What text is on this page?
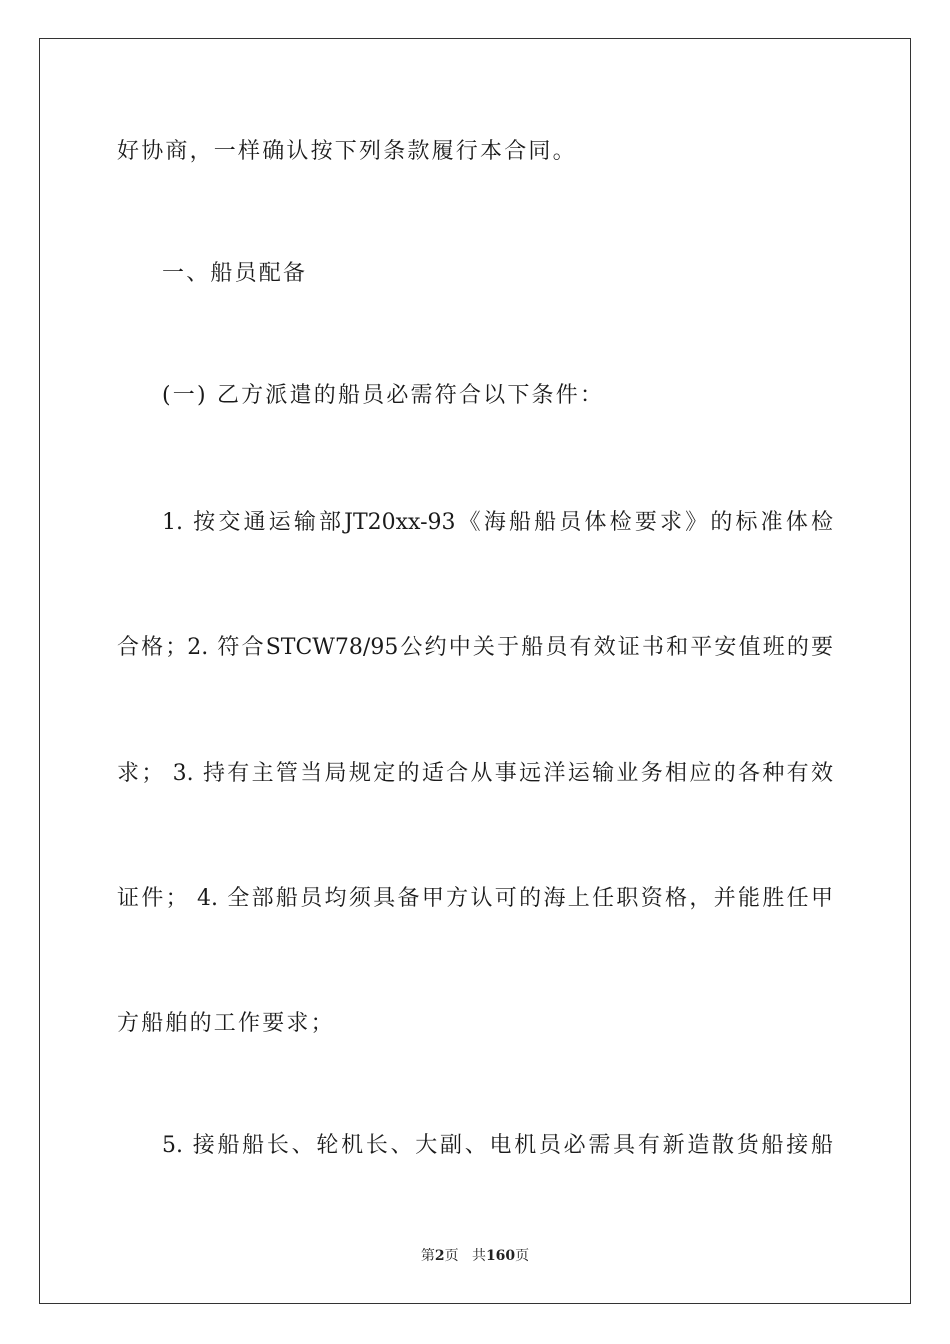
好协商，一样确认按下列条款履行本合同。
一、船员配备
(一) 乙方派遣的船员必需符合以下条件：
1. 按交通运输部JT20xx-93《海船船员体检要求》的标准体检
合格；2. 符合STCW78/95公约中关于船员有效证书和平安值班的要
求； 3. 持有主管当局规定的适合从事远洋运输业务相应的各种有效
证件； 4. 全部船员均须具备甲方认可的海上任职资格，并能胜任甲
方船舶的工作要求；
5. 接船船长、轮机长、大副、电机员必需具有新造散货船接船
第2页 共160页
